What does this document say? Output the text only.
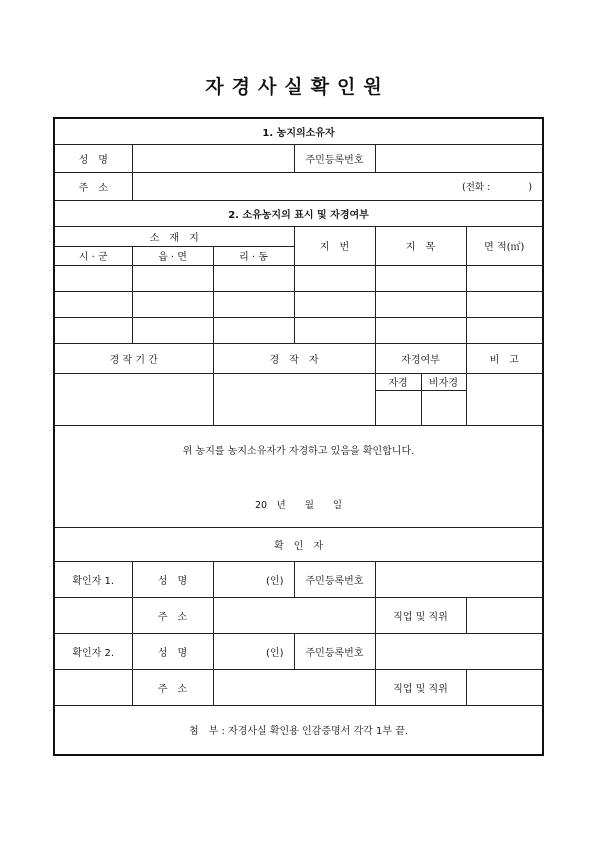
자경사실확인원
1. 농지의소유자						
성　명			주민등록번호			
주　소	(전화 :　　　　)					

2. 소유농지의 표시 및 자경여부						
소　재　지			지　번	지　목		면 적(㎡)
시 · 군	읍 · 면	리 · 동				

경 작 기 간		경　작　자		자경여부		비　고
				자경	비자경	

위 농지를 농지소유자가 자경하고 있음을 확인합니다.
20　년　　월　　일						

확　인　자						
확인자 1.	성　명	(인)	주민등록번호			
	주　소			직업 및 직위		
확인자 2.	성　명	(인)	주민등록번호			
	주　소			직업 및 직위		
첨　부 : 자경사실 확인용 인감증명서 각각 1부 끝.						
